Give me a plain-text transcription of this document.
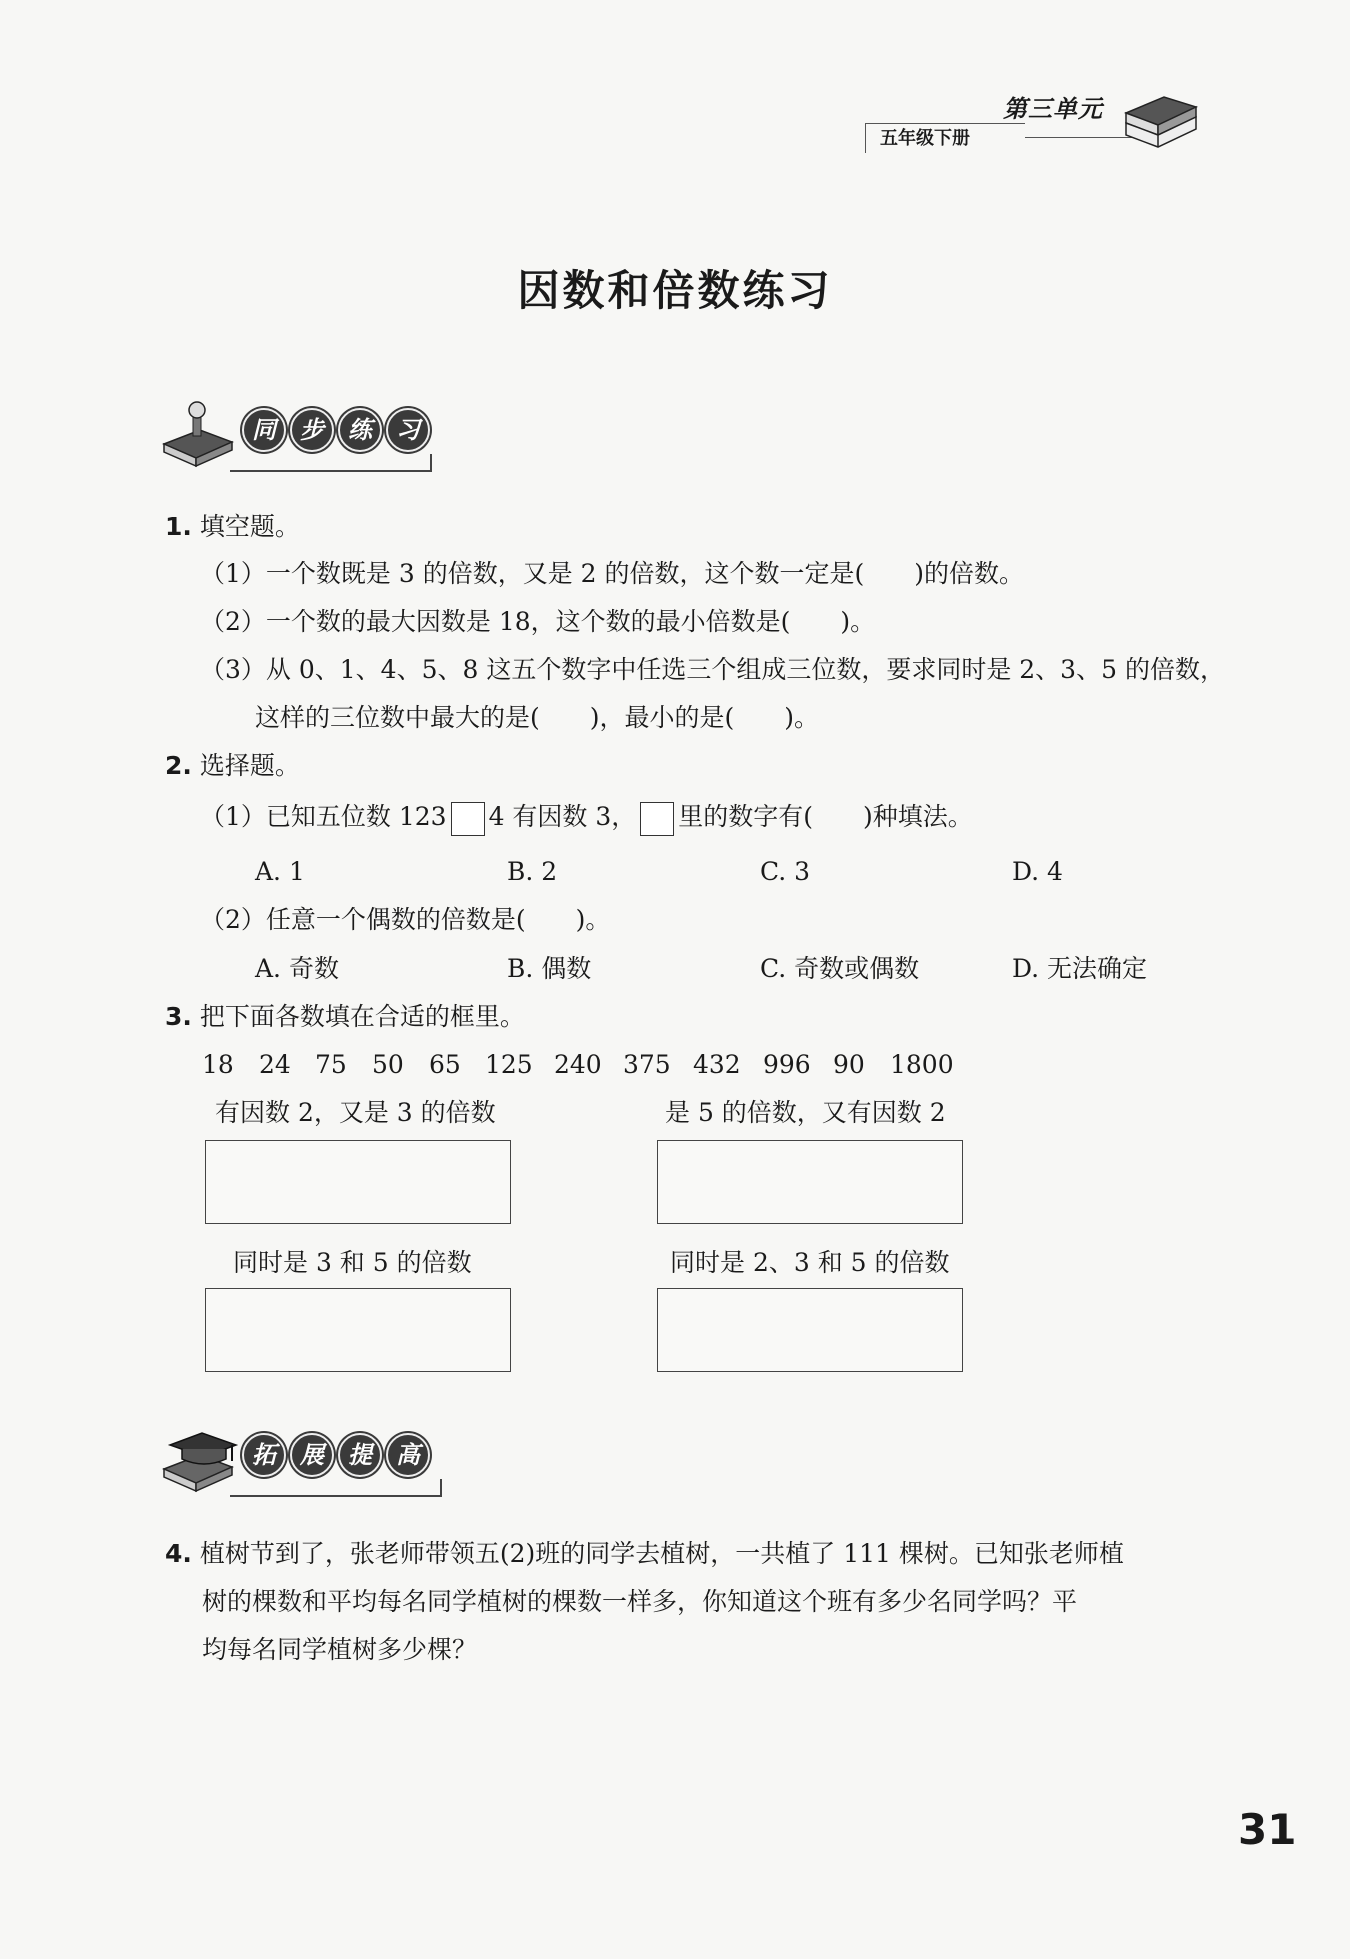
五年级下册
第三单元
因数和倍数练习
同	步	练	习
1. 填空题。
（1）一个数既是 3 的倍数，又是 2 的倍数，这个数一定是(　　)的倍数。
（2）一个数的最大因数是 18，这个数的最小倍数是(　　)。
（3）从 0、1、4、5、8 这五个数字中任选三个组成三位数，要求同时是 2、3、5 的倍数，
这样的三位数中最大的是(　　)，最小的是(　　)。
2. 选择题。
（1）已知五位数 123 4 有因数 3， 里的数字有(　　)种填法。
A. 1	B. 2	C. 3	D. 4
（2）任意一个偶数的倍数是(　　)。
A. 奇数	B. 偶数	C. 奇数或偶数	D. 无法确定
3. 把下面各数填在合适的框里。
18 24 75 50 65 125 240 375 432 996 90 1800
有因数 2，又是 3 的倍数	是 5 的倍数，又有因数 2
同时是 3 和 5 的倍数	同时是 2、3 和 5 的倍数
拓	展	提	高
4. 植树节到了，张老师带领五(2)班的同学去植树，一共植了 111 棵树。已知张老师植
树的棵数和平均每名同学植树的棵数一样多，你知道这个班有多少名同学吗？平
均每名同学植树多少棵？
31
